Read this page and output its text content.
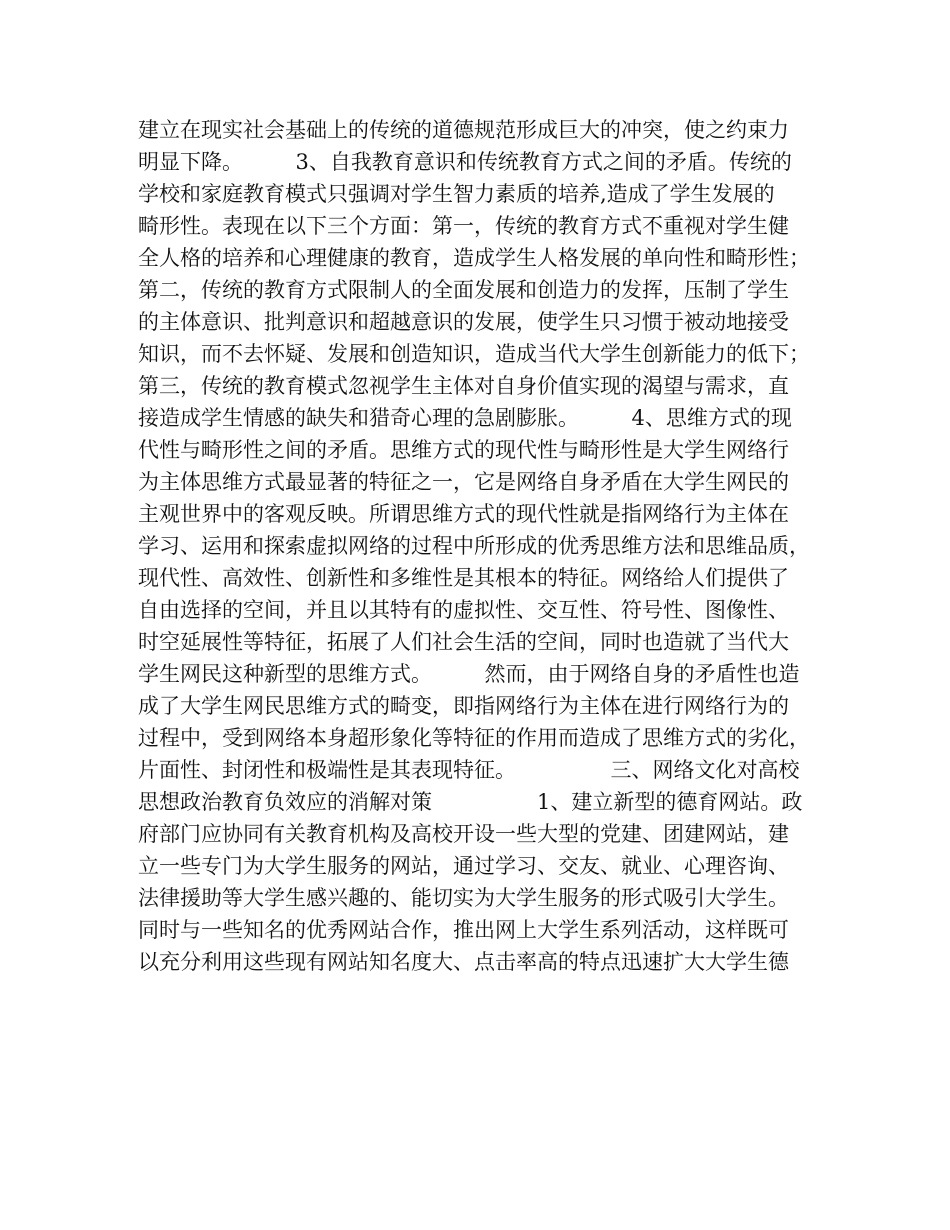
建立在现实社会基础上的传统的道德规范形成巨大的冲突，使之约束力
明显下降。　　　3、自我教育意识和传统教育方式之间的矛盾。传统的
学校和家庭教育模式只强调对学生智力素质的培养,造成了学生发展的
畸形性。表现在以下三个方面：第一，传统的教育方式不重视对学生健
全人格的培养和心理健康的教育，造成学生人格发展的单向性和畸形性；
第二，传统的教育方式限制人的全面发展和创造力的发挥，压制了学生
的主体意识、批判意识和超越意识的发展，使学生只习惯于被动地接受
知识，而不去怀疑、发展和创造知识，造成当代大学生创新能力的低下；
第三，传统的教育模式忽视学生主体对自身价值实现的渴望与需求，直
接造成学生情感的缺失和猎奇心理的急剧膨胀。　　　4、思维方式的现
代性与畸形性之间的矛盾。思维方式的现代性与畸形性是大学生网络行
为主体思维方式最显著的特征之一，它是网络自身矛盾在大学生网民的
主观世界中的客观反映。所谓思维方式的现代性就是指网络行为主体在
学习、运用和探索虚拟网络的过程中所形成的优秀思维方法和思维品质，
现代性、高效性、创新性和多维性是其根本的特征。网络给人们提供了
自由选择的空间，并且以其特有的虚拟性、交互性、符号性、图像性、
时空延展性等特征，拓展了人们社会生活的空间，同时也造就了当代大
学生网民这种新型的思维方式。　　　然而，由于网络自身的矛盾性也造
成了大学生网民思维方式的畸变，即指网络行为主体在进行网络行为的
过程中，受到网络本身超形象化等特征的作用而造成了思维方式的劣化，
片面性、封闭性和极端性是其表现特征。　　　　　三、网络文化对高校
思想政治教育负效应的消解对策　　　　　1、建立新型的德育网站。政
府部门应协同有关教育机构及高校开设一些大型的党建、团建网站，建
立一些专门为大学生服务的网站，通过学习、交友、就业、心理咨询、
法律援助等大学生感兴趣的、能切实为大学生服务的形式吸引大学生。
同时与一些知名的优秀网站合作，推出网上大学生系列活动，这样既可
以充分利用这些现有网站知名度大、点击率高的特点迅速扩大大学生德
